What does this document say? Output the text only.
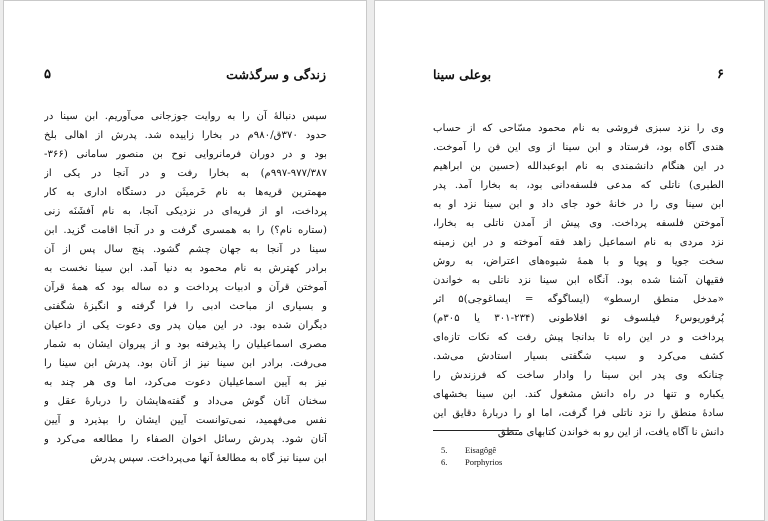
۵	زندگی و سرگذشت
سپس دنبالهٔ آن را به روایت جوزجانی می‌آوریم. ابن سینا در
حدود ۳۷۰ق/۹۸۰م در بخارا زاییده شد. پدرش از اهالی بلخ
بود و در دوران فرمانروایی نوح بن منصور سامانی (۳۶۶-
۹۹۷-۹۷۷/۳۸۷م) به بخارا رفت و در آنجا در یکی از
مهمترین قریه‌ها به نام خَرمیثَن در دستگاه اداری به کار
پرداخت، او از قریه‌ای در نزدیکی آنجا، به نام اَفشَنَه زنی
(ستاره نام؟) را به همسری گرفت و در آنجا اقامت گزید. ابن
سینا در آنجا به جهان چشم گشود. پنج سال پس از آن
برادر کهترش به نام محمود به دنیا آمد. ابن سینا نخست به
آموختن قرآن و ادبیات پرداخت و ده ساله بود که همهٔ قرآن
و بسیاری از مباحث ادبی را فرا گرفته و انگیزهٔ شگفتی
دیگران شده بود. در این میان پدر وی دعوت یکی از داعیان
مصری اسماعیلیان را پذیرفته بود و از پیروان ایشان به شمار
می‌رفت. برادر ابن سینا نیز از آنان بود. پدرش ابن سینا را
نیز به آیین اسماعیلیان دعوت می‌کرد، اما وی هر چند به
سخنان آنان گوش می‌داد و گفته‌هایشان را دربارهٔ عقل و
نفس می‌فهمید، نمی‌توانست آیین ایشان را بپذیرد و آیین
آنان شود. پدرش رسائل اخوان الصفاء را مطالعه می‌کرد و
ابن سینا نیز گاه به مطالعهٔ آنها می‌پرداخت. سپس پدرش
بوعلی سینا	۶
وی را نزد سبزی فروشی به نام محمود مسّاحی که از حساب
هندی آگاه بود، فرستاد و ابن سینا از وی این فن را آموخت.
در این هنگام دانشمندی به نام ابوعبدالله (حسین بن ابراهیم
الطبری) ناتلی که مدعی فلسفه‌دانی بود، به بخارا آمد. پدر
ابن سینا وی را در خانهٔ خود جای داد و ابن سینا نزد او به
آموختن فلسفه پرداخت. وی پیش از آمدن ناتلی به بخارا،
نزد مردی به نام اسماعیل زاهد فقه آموخته و در این زمینه
سخت جویا و پویا و با همهٔ شیوه‌های اعتراض، به روش
فقیهان آشنا شده بود. آنگاه ابن سینا نزد ناتلی به خواندن
«مدخل منطق ارسطو» (ایساگوگه = ایساغوجی)۵ اثر
پُرفوریوس۶ فیلسوف نو افلاطونی (۲۳۴-۳۰۱ یا ۳۰۵م)
پرداخت و در این راه تا بدانجا پیش رفت که نکات تازه‌ای
کشف می‌کرد و سبب شگفتی بسیار استادش می‌شد.
چنانکه وی پدر ابن سینا را وادار ساخت که فرزندش را
یکباره و تنها در راه دانش مشغول کند. ابن سینا بخشهای
سادهٔ منطق را نزد ناتلی فرا گرفت، اما او را دربارهٔ دقایق این
دانش نا آگاه یافت، از این رو به خواندن کتابهای منطق
5.	Eisagôgê
6.	Porphyrios
